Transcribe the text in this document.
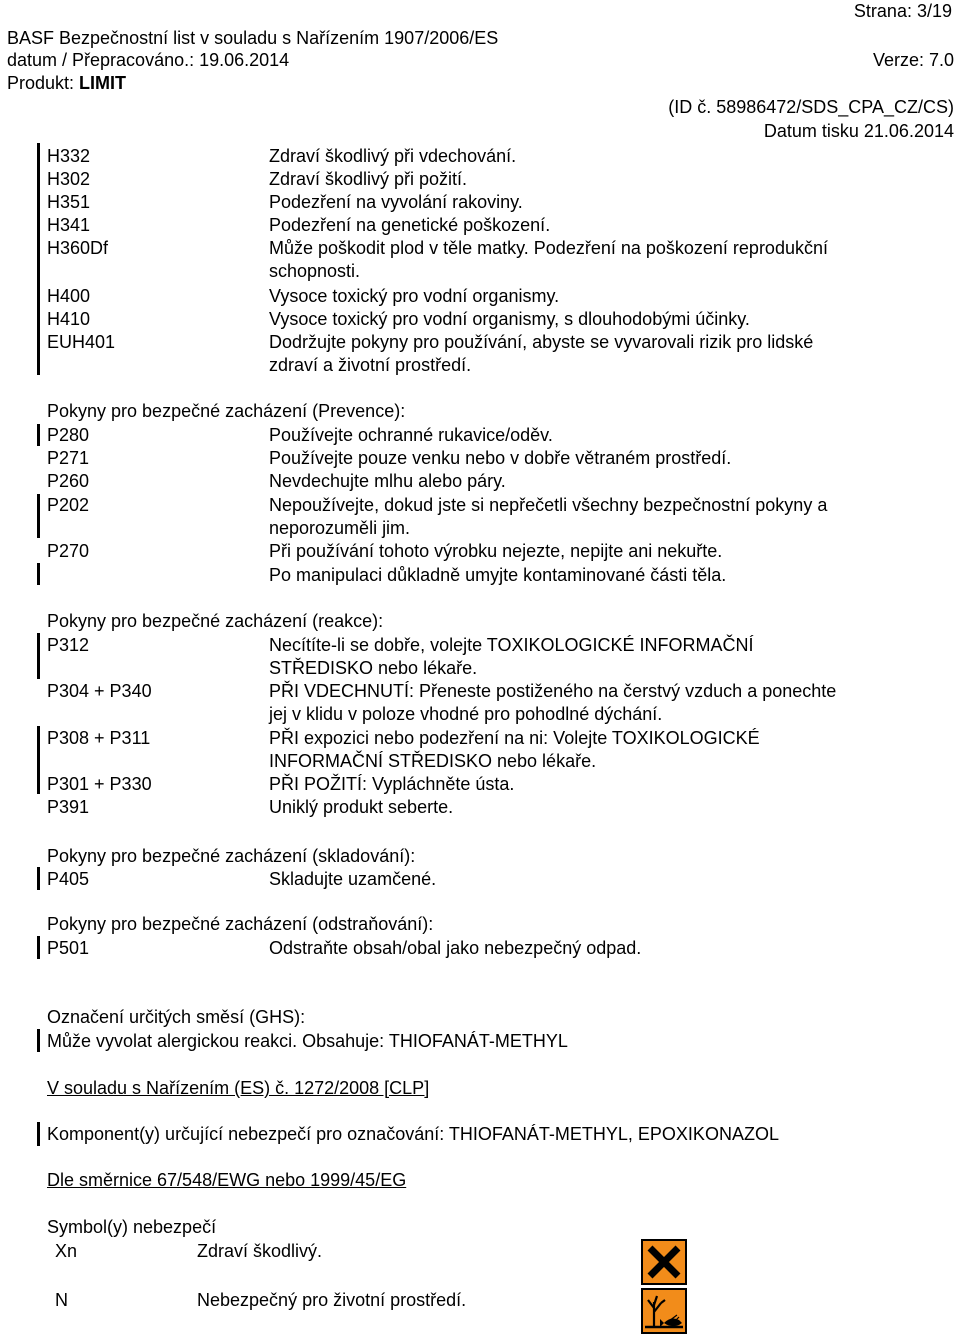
Strana: 3/19
BASF Bezpečnostní list v souladu s Nařízením 1907/2006/ES
datum / Přepracováno.: 19.06.2014	Verze: 7.0
Produkt: LIMIT
(ID č. 58986472/SDS_CPA_CZ/CS)
Datum tisku 21.06.2014
H332	Zdraví škodlivý při vdechování.
H302	Zdraví škodlivý při požití.
H351	Podezření na vyvolání rakoviny.
H341	Podezření na genetické poškození.
H360Df	Může poškodit plod v těle matky. Podezření na poškození reprodukční
schopnosti.
H400	Vysoce toxický pro vodní organismy.
H410	Vysoce toxický pro vodní organismy, s dlouhodobými účinky.
EUH401	Dodržujte pokyny pro používání, abyste se vyvarovali rizik pro lidské
zdraví a životní prostředí.
Pokyny pro bezpečné zacházení (Prevence):
P280	Používejte ochranné rukavice/oděv.
P271	Používejte pouze venku nebo v dobře větraném prostředí.
P260	Nevdechujte mlhu alebo páry.
P202	Nepoužívejte, dokud jste si nepřečetli všechny bezpečnostní pokyny a
neporozuměli jim.
P270	Při používání tohoto výrobku nejezte, nepijte ani nekuřte.
Po manipulaci důkladně umyjte kontaminované části těla.
Pokyny pro bezpečné zacházení (reakce):
P312	Necítíte-li se dobře, volejte TOXIKOLOGICKÉ INFORMAČNÍ
STŘEDISKO nebo lékaře.
P304 + P340	PŘI VDECHNUTÍ: Přeneste postiženého na čerstvý vzduch a ponechte
jej v klidu v poloze vhodné pro pohodlné dýchání.
P308 + P311	PŘI expozici nebo podezření na ni: Volejte TOXIKOLOGICKÉ
INFORMAČNÍ STŘEDISKO nebo lékaře.
P301 + P330	PŘI POŽITÍ: Vypláchněte ústa.
P391	Uniklý produkt seberte.
Pokyny pro bezpečné zacházení (skladování):
P405	Skladujte uzamčené.
Pokyny pro bezpečné zacházení (odstraňování):
P501	Odstraňte obsah/obal jako nebezpečný odpad.
Označení určitých směsí (GHS):
Může vyvolat alergickou reakci. Obsahuje: THIOFANÁT-METHYL
V souladu s Nařízením (ES) č. 1272/2008 [CLP]
Komponent(y) určující nebezpečí pro označování: THIOFANÁT-METHYL, EPOXIKONAZOL
Dle směrnice 67/548/EWG nebo 1999/45/EG
Symbol(y) nebezpečí
Xn	Zdraví škodlivý.
N	Nebezpečný pro životní prostředí.
